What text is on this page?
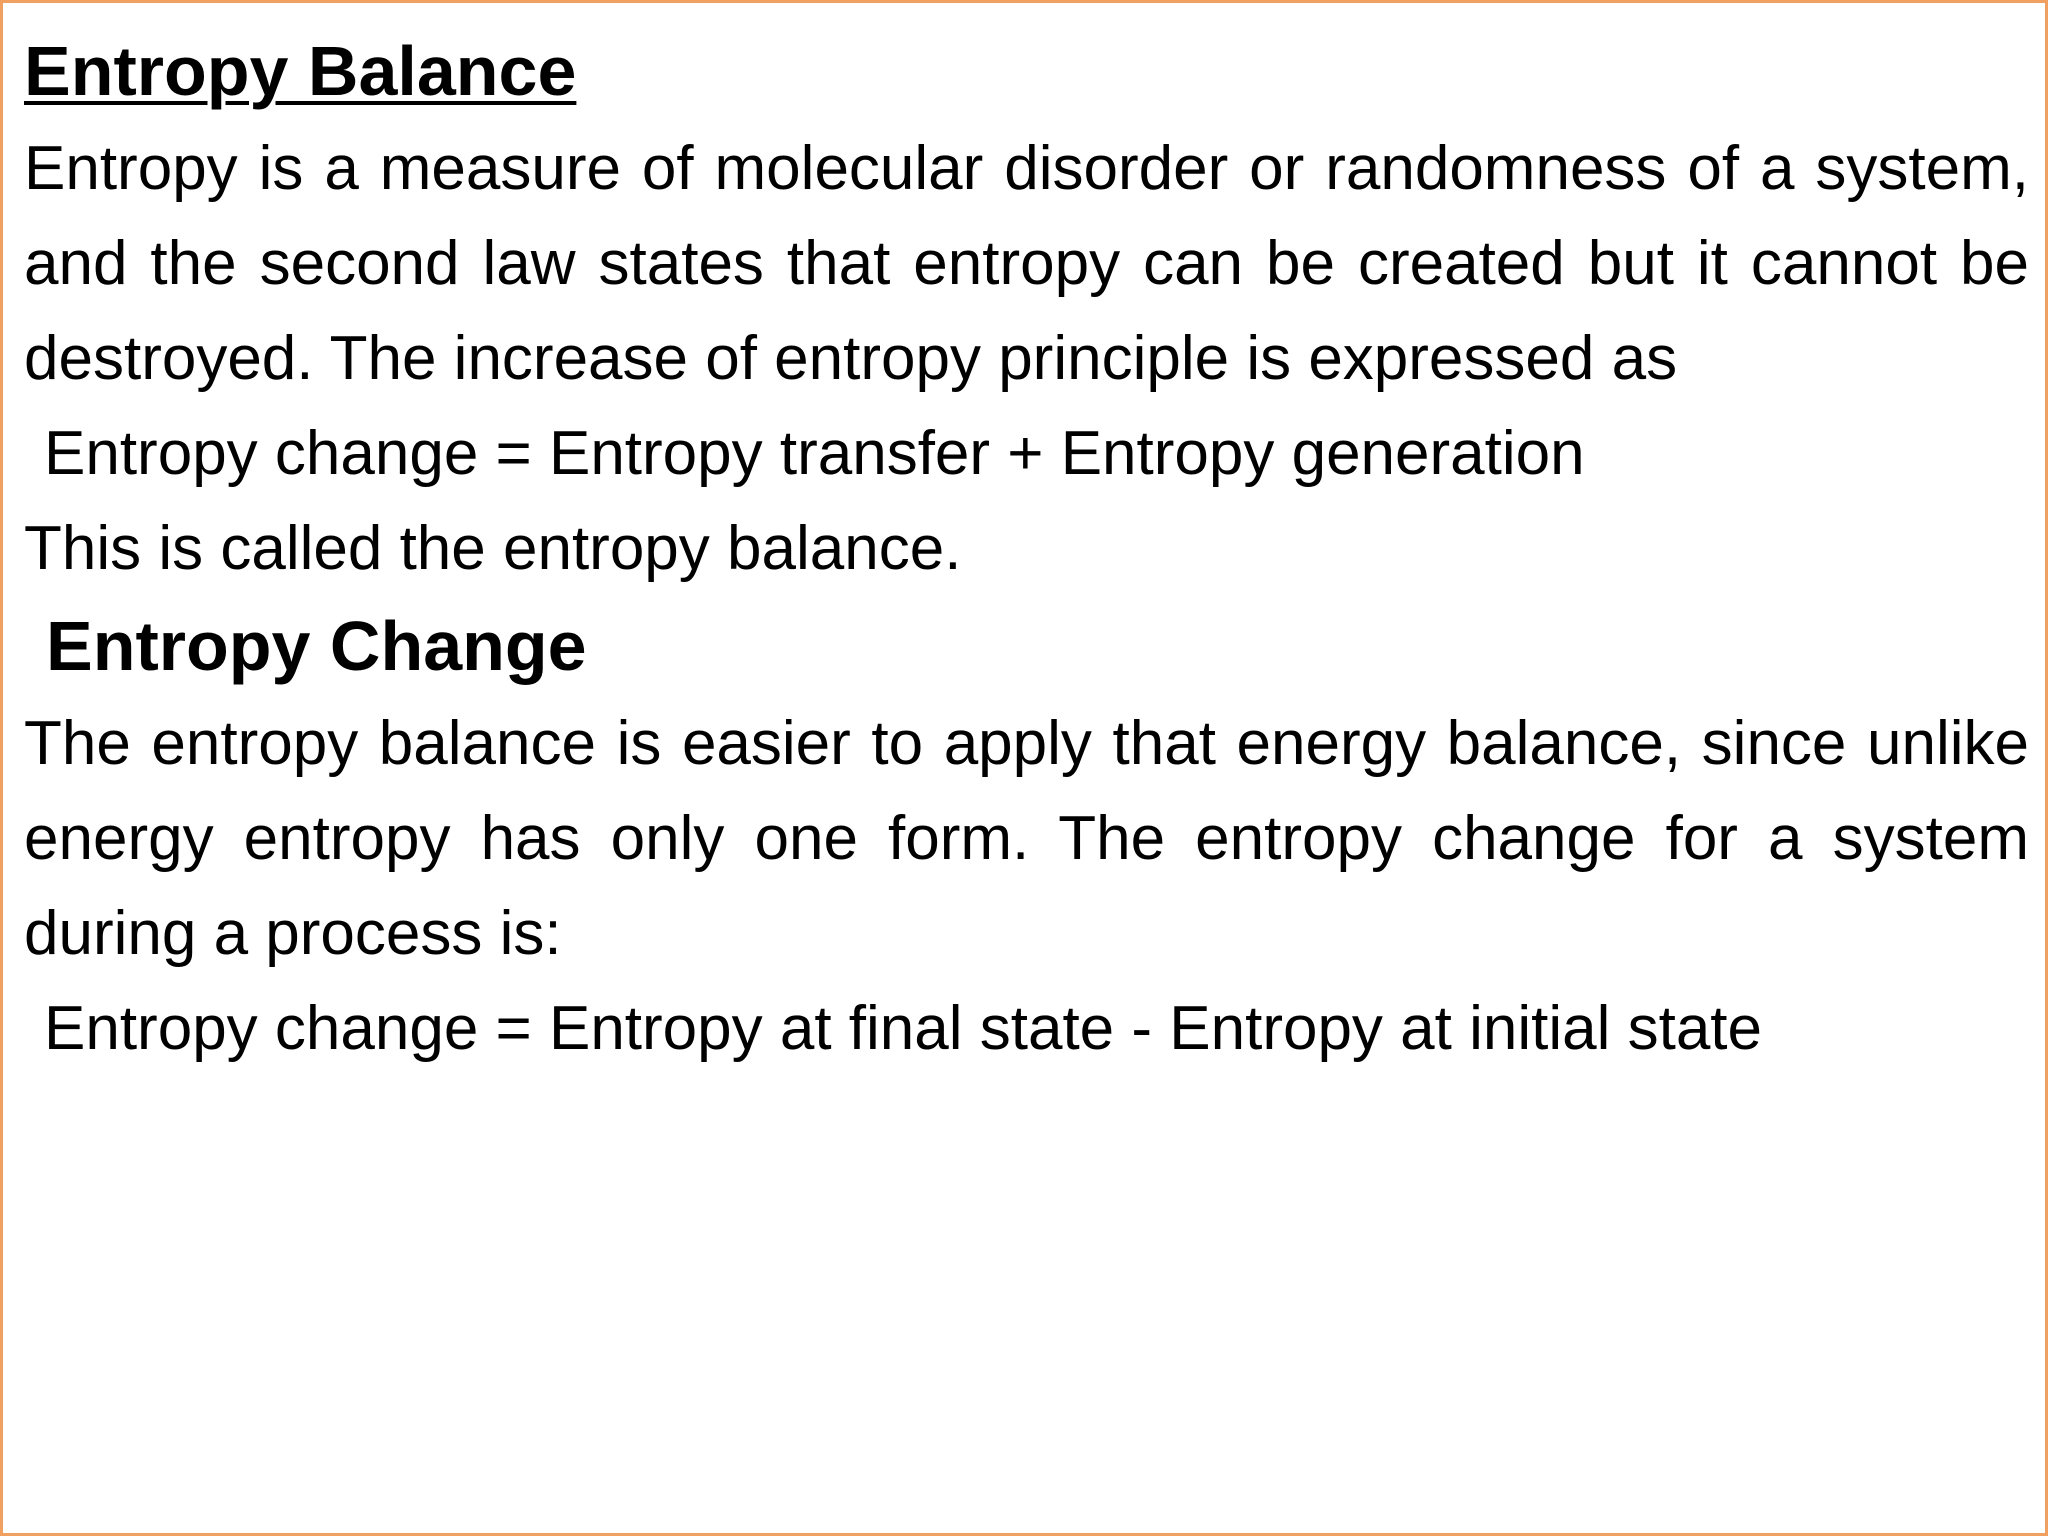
Entropy Balance

Entropy is a measure of molecular disorder or randomness of a system, and the second law states that entropy can be created but it cannot be destroyed. The increase of entropy principle is expressed as

Entropy change = Entropy transfer + Entropy generation

This is called the entropy balance.

Entropy Change

The entropy balance is easier to apply that energy balance, since unlike energy entropy has only one form. The entropy change for a system during a process is:

Entropy change = Entropy at final state - Entropy at initial state
